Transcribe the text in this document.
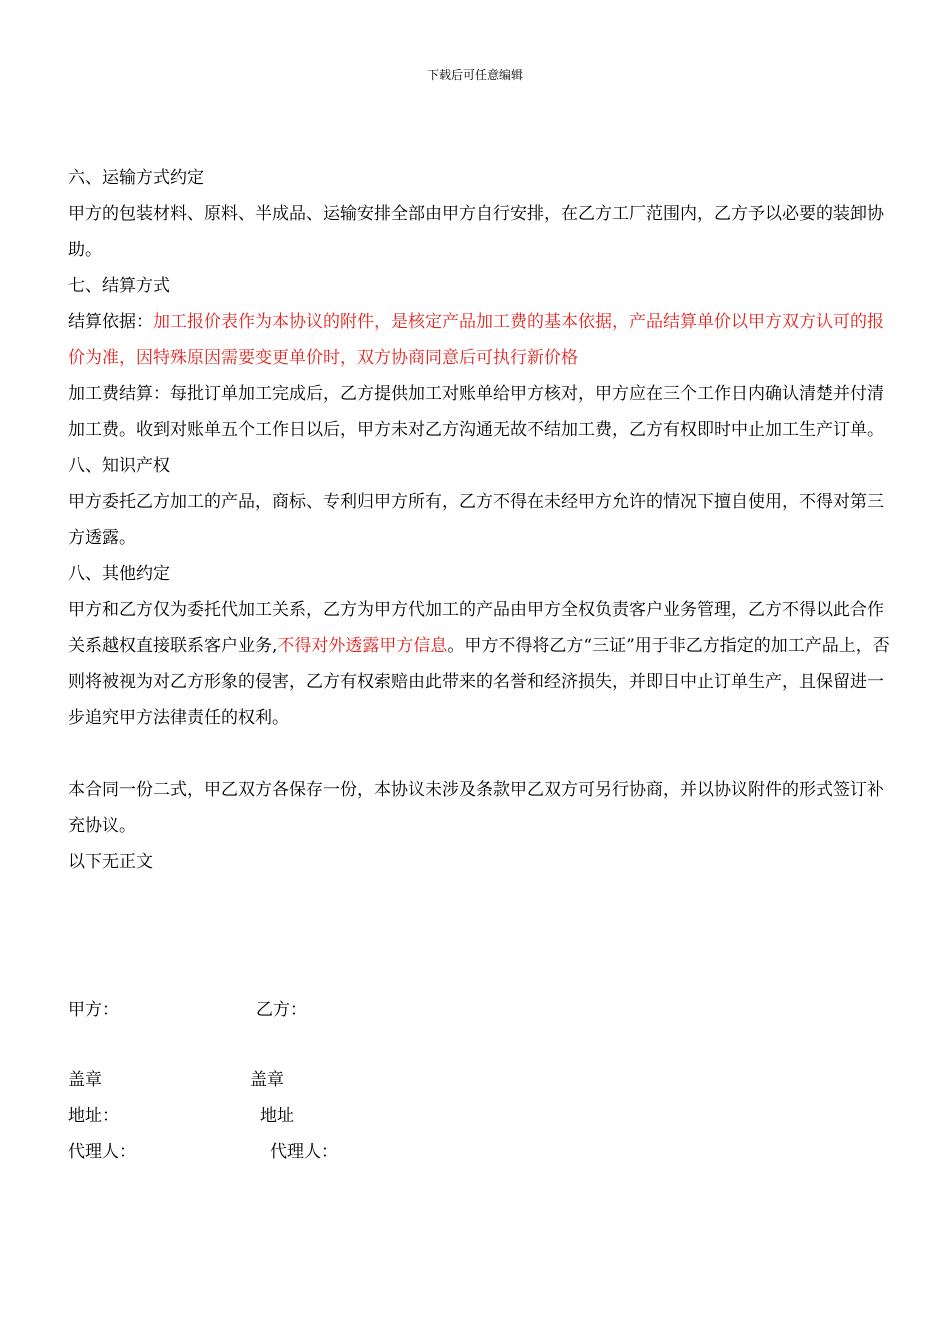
下载后可任意编辑

六、运输方式约定

甲方的包装材料、原料、半成品、运输安排全部由甲方自行安排，在乙方工厂范围内，乙方予以必要的装卸协助。

七、结算方式

结算依据：加工报价表作为本协议的附件，是核定产品加工费的基本依据，产品结算单价以甲方双方认可的报价为准，因特殊原因需要变更单价时，双方协商同意后可执行新价格

加工费结算：每批订单加工完成后，乙方提供加工对账单给甲方核对，甲方应在三个工作日内确认清楚并付清加工费。收到对账单五个工作日以后，甲方未对乙方沟通无故不结加工费，乙方有权即时中止加工生产订单。

八、知识产权

甲方委托乙方加工的产品，商标、专利归甲方所有，乙方不得在未经甲方允许的情况下擅自使用，不得对第三方透露。

八、其他约定

甲方和乙方仅为委托代加工关系，乙方为甲方代加工的产品由甲方全权负责客户业务管理，乙方不得以此合作关系越权直接联系客户业务,不得对外透露甲方信息。甲方不得将乙方“三证”用于非乙方指定的加工产品上，否则将被视为对乙方形象的侵害，乙方有权索赔由此带来的名誉和经济损失，并即日中止订单生产，且保留进一步追究甲方法律责任的权利。

本合同一份二式，甲乙双方各保存一份，本协议未涉及条款甲乙双方可另行协商，并以协议附件的形式签订补充协议。

以下无正文

甲方：	乙方：
盖章	盖章
地址：	地址
代理人：	代理人：
